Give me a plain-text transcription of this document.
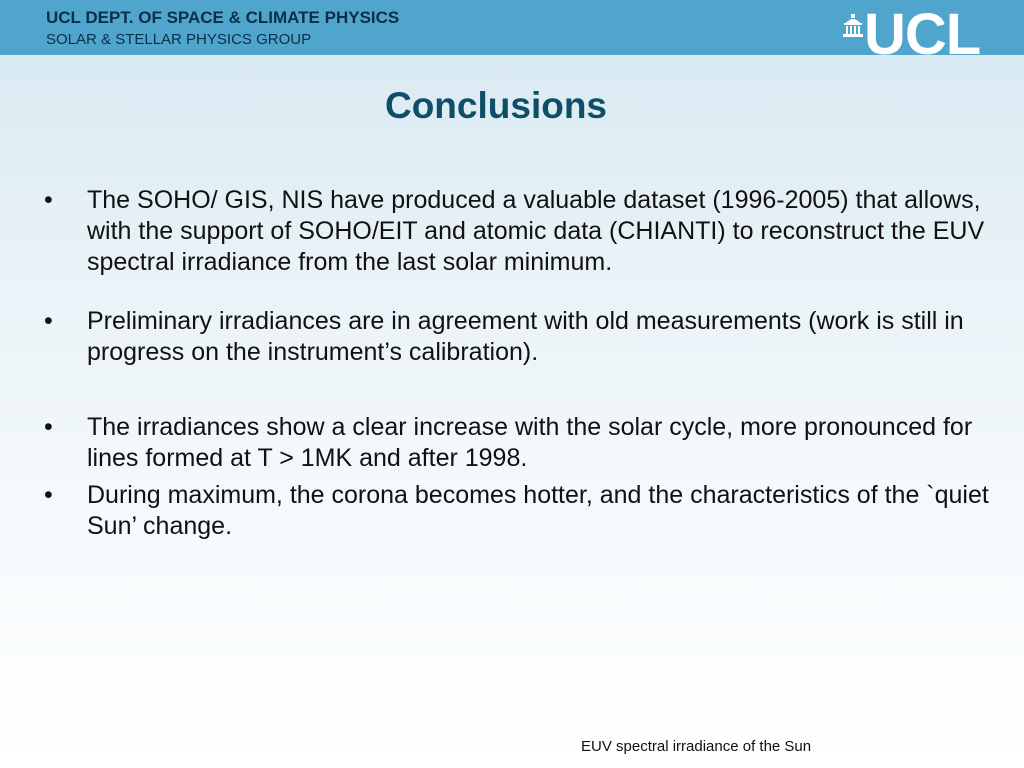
UCL DEPT. OF SPACE & CLIMATE PHYSICS
SOLAR & STELLAR PHYSICS GROUP	UCL
Conclusions
• The SOHO/ GIS, NIS have produced a valuable dataset (1996-2005) that allows, with the support of SOHO/EIT and atomic data (CHIANTI) to reconstruct the EUV spectral irradiance from the last solar minimum.
• Preliminary irradiances are in agreement with old measurements (work is still in progress on the instrument’s calibration).
• The irradiances show a clear increase with the solar cycle, more pronounced for lines formed at T > 1MK and after 1998.
• During maximum, the corona becomes hotter, and the characteristics of the `quiet Sun’ change.
EUV spectral irradiance of the Sun
